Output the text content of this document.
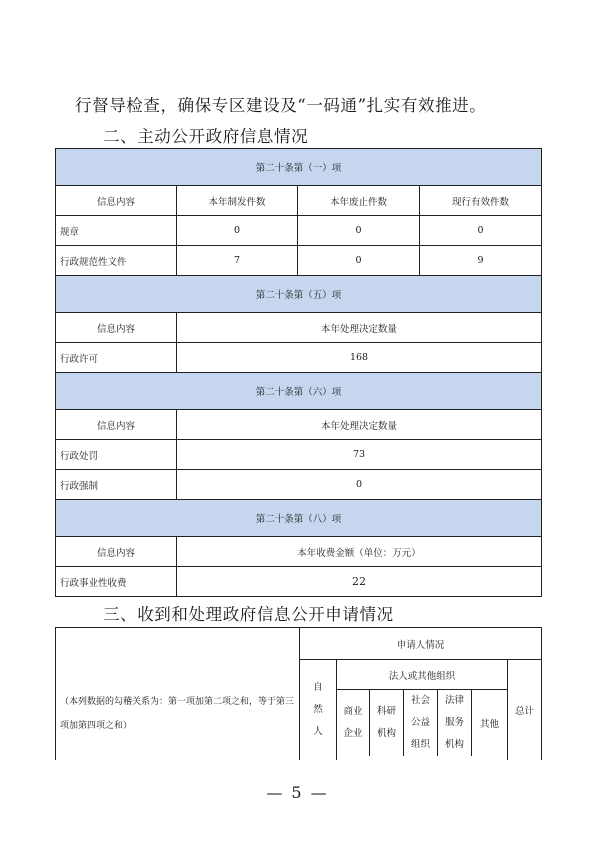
行督导检查，确保专区建设及“一码通”扎实有效推进。
二、主动公开政府信息情况
第二十条第（一）项			
信息内容	本年制发件数	本年废止件数	现行有效件数
规章	0	0	0
行政规范性文件	7	0	9
第二十条第（五）项			
信息内容	本年处理决定数量		
行政许可	168		
第二十条第（六）项			
信息内容	本年处理决定数量		
行政处罚	73		
行政强制	0		
第二十条第（八）项			
信息内容	本年收费金额（单位：万元）		
行政事业性收费	22		
三、收到和处理政府信息公开申请情况
（本列数据的勾稽关系为：第一项加第二项之和，等于第三项加第四项之和）	申请人情况						
	自然人	法人或其他组织					总计
		商业企业	科研机构	社会公益组织	法律服务机构	其他	

— 5 —
